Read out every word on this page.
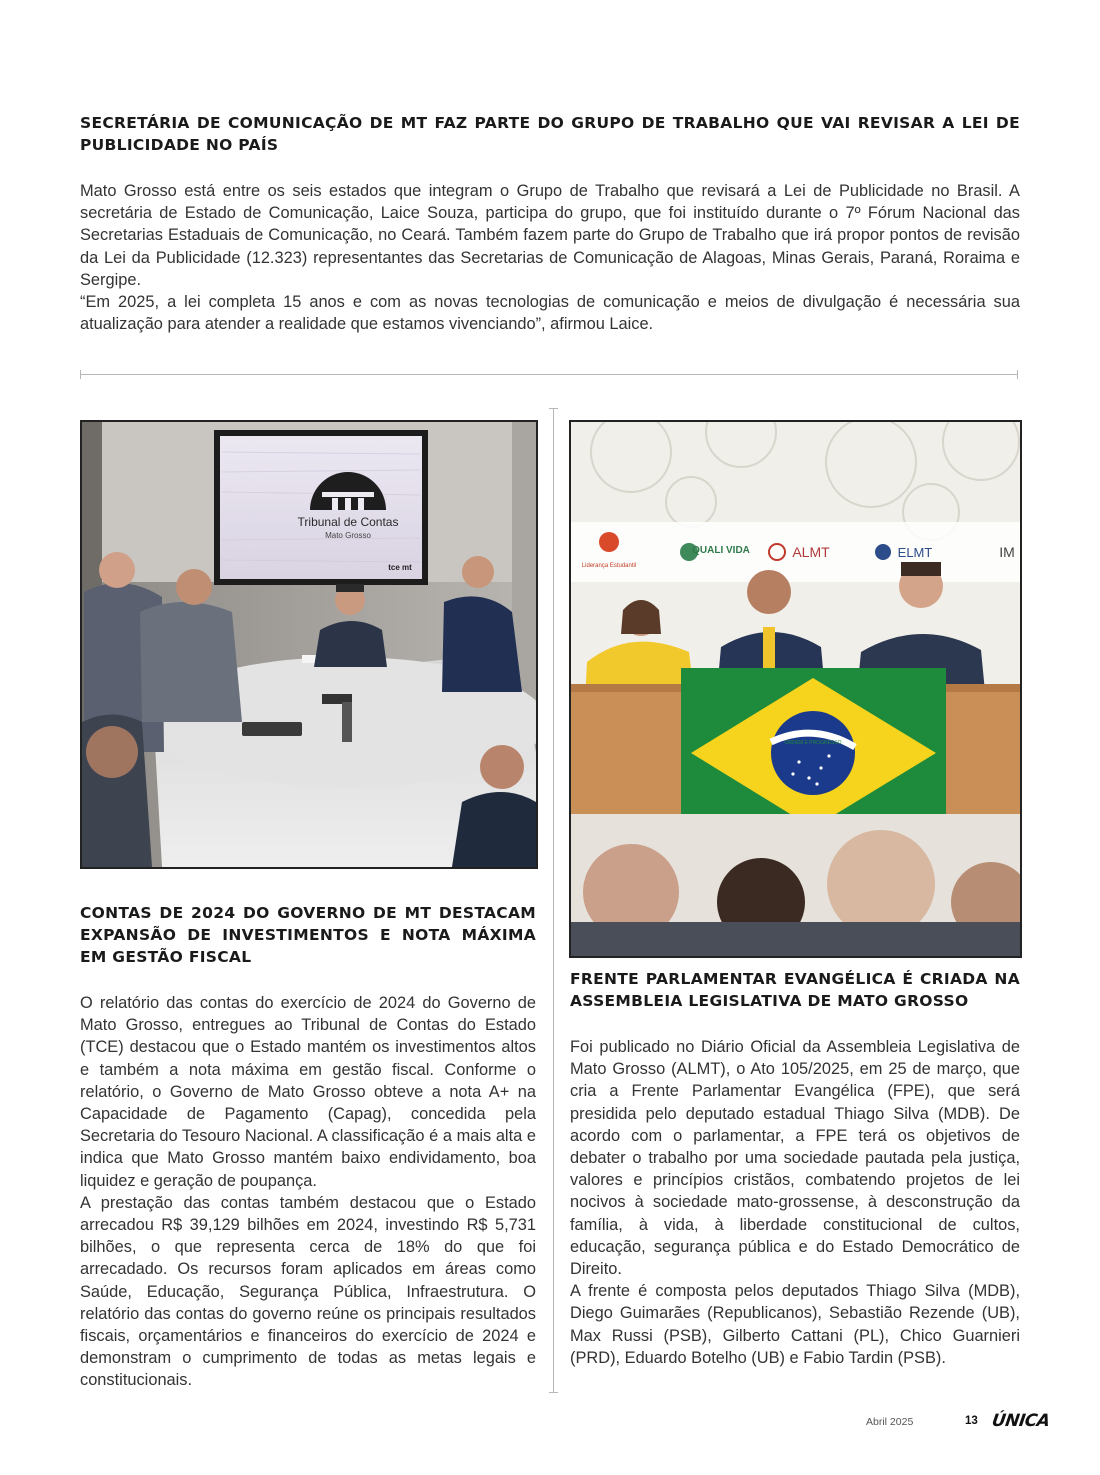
SECRETÁRIA DE COMUNICAÇÃO DE MT FAZ PARTE DO GRUPO DE TRABALHO QUE VAI REVISAR A LEI DE PUBLICIDADE NO PAÍS

Mato Grosso está entre os seis estados que integram o Grupo de Trabalho que revisará a Lei de Publicidade no Brasil. A secretária de Estado de Comunicação, Laice Souza, participa do grupo, que foi instituído durante o 7º Fórum Nacional das Secretarias Estaduais de Comunicação, no Ceará. Também fazem parte do Grupo de Trabalho que irá propor pontos de revisão da Lei da Publicidade (12.323) representantes das Secretarias de Comunicação de Alagoas, Minas Gerais, Paraná, Roraima e Sergipe.

“Em 2025, a lei completa 15 anos e com as novas tecnologias de comunicação e meios de divulgação é necessária sua atualização para atender a realidade que estamos vivenciando”, afirmou Laice.

Tribunal de Contas
Mato Grosso
tce mt	Liderança Estudantil
QUALI VIDA	ALMT	ELMT	IM
ORDEM E PROGRESSO
CONTAS DE 2024 DO GOVERNO DE MT DESTACAM EXPANSÃO DE INVESTIMENTOS E NOTA MÁXIMA EM GESTÃO FISCAL

O relatório das contas do exercício de 2024 do Governo de Mato Grosso, entregues ao Tribunal de Contas do Estado (TCE) destacou que o Estado mantém os investimentos altos e também a nota máxima em gestão fiscal. Conforme o relatório, o Governo de Mato Grosso obteve a nota A+ na Capacidade de Pagamento (Capag), concedida pela Secretaria do Tesouro Nacional. A classificação é a mais alta e indica que Mato Grosso mantém baixo endividamento, boa liquidez e geração de poupança.

A prestação das contas também destacou que o Estado arrecadou R$ 39,129 bilhões em 2024, investindo R$ 5,731 bilhões, o que representa cerca de 18% do que foi arrecadado. Os recursos foram aplicados em áreas como Saúde, Educação, Segurança Pública, Infraestrutura. O relatório das contas do governo reúne os principais resultados fiscais, orçamentários e financeiros do exercício de 2024 e demonstram o cumprimento de todas as metas legais e constitucionais.

FRENTE PARLAMENTAR EVANGÉLICA É CRIADA NA ASSEMBLEIA LEGISLATIVA DE MATO GROSSO

Foi publicado no Diário Oficial da Assembleia Legislativa de Mato Grosso (ALMT), o Ato 105/2025, em 25 de março, que cria a Frente Parlamentar Evangélica (FPE), que será presidida pelo deputado estadual Thiago Silva (MDB). De acordo com o parlamentar, a FPE terá os objetivos de debater o trabalho por uma sociedade pautada pela justiça, valores e princípios cristãos, combatendo projetos de lei nocivos à sociedade mato-grossense, à desconstrução da família, à vida, à liberdade constitucional de cultos, educação, segurança pública e do Estado Democrático de Direito.

A frente é composta pelos deputados Thiago Silva (MDB), Diego Guimarães (Republicanos), Sebastião Rezende (UB), Max Russi (PSB), Gilberto Cattani (PL), Chico Guarnieri (PRD), Eduardo Botelho (UB) e Fabio Tardin (PSB).

Abril 2025	13 ÚNICA
